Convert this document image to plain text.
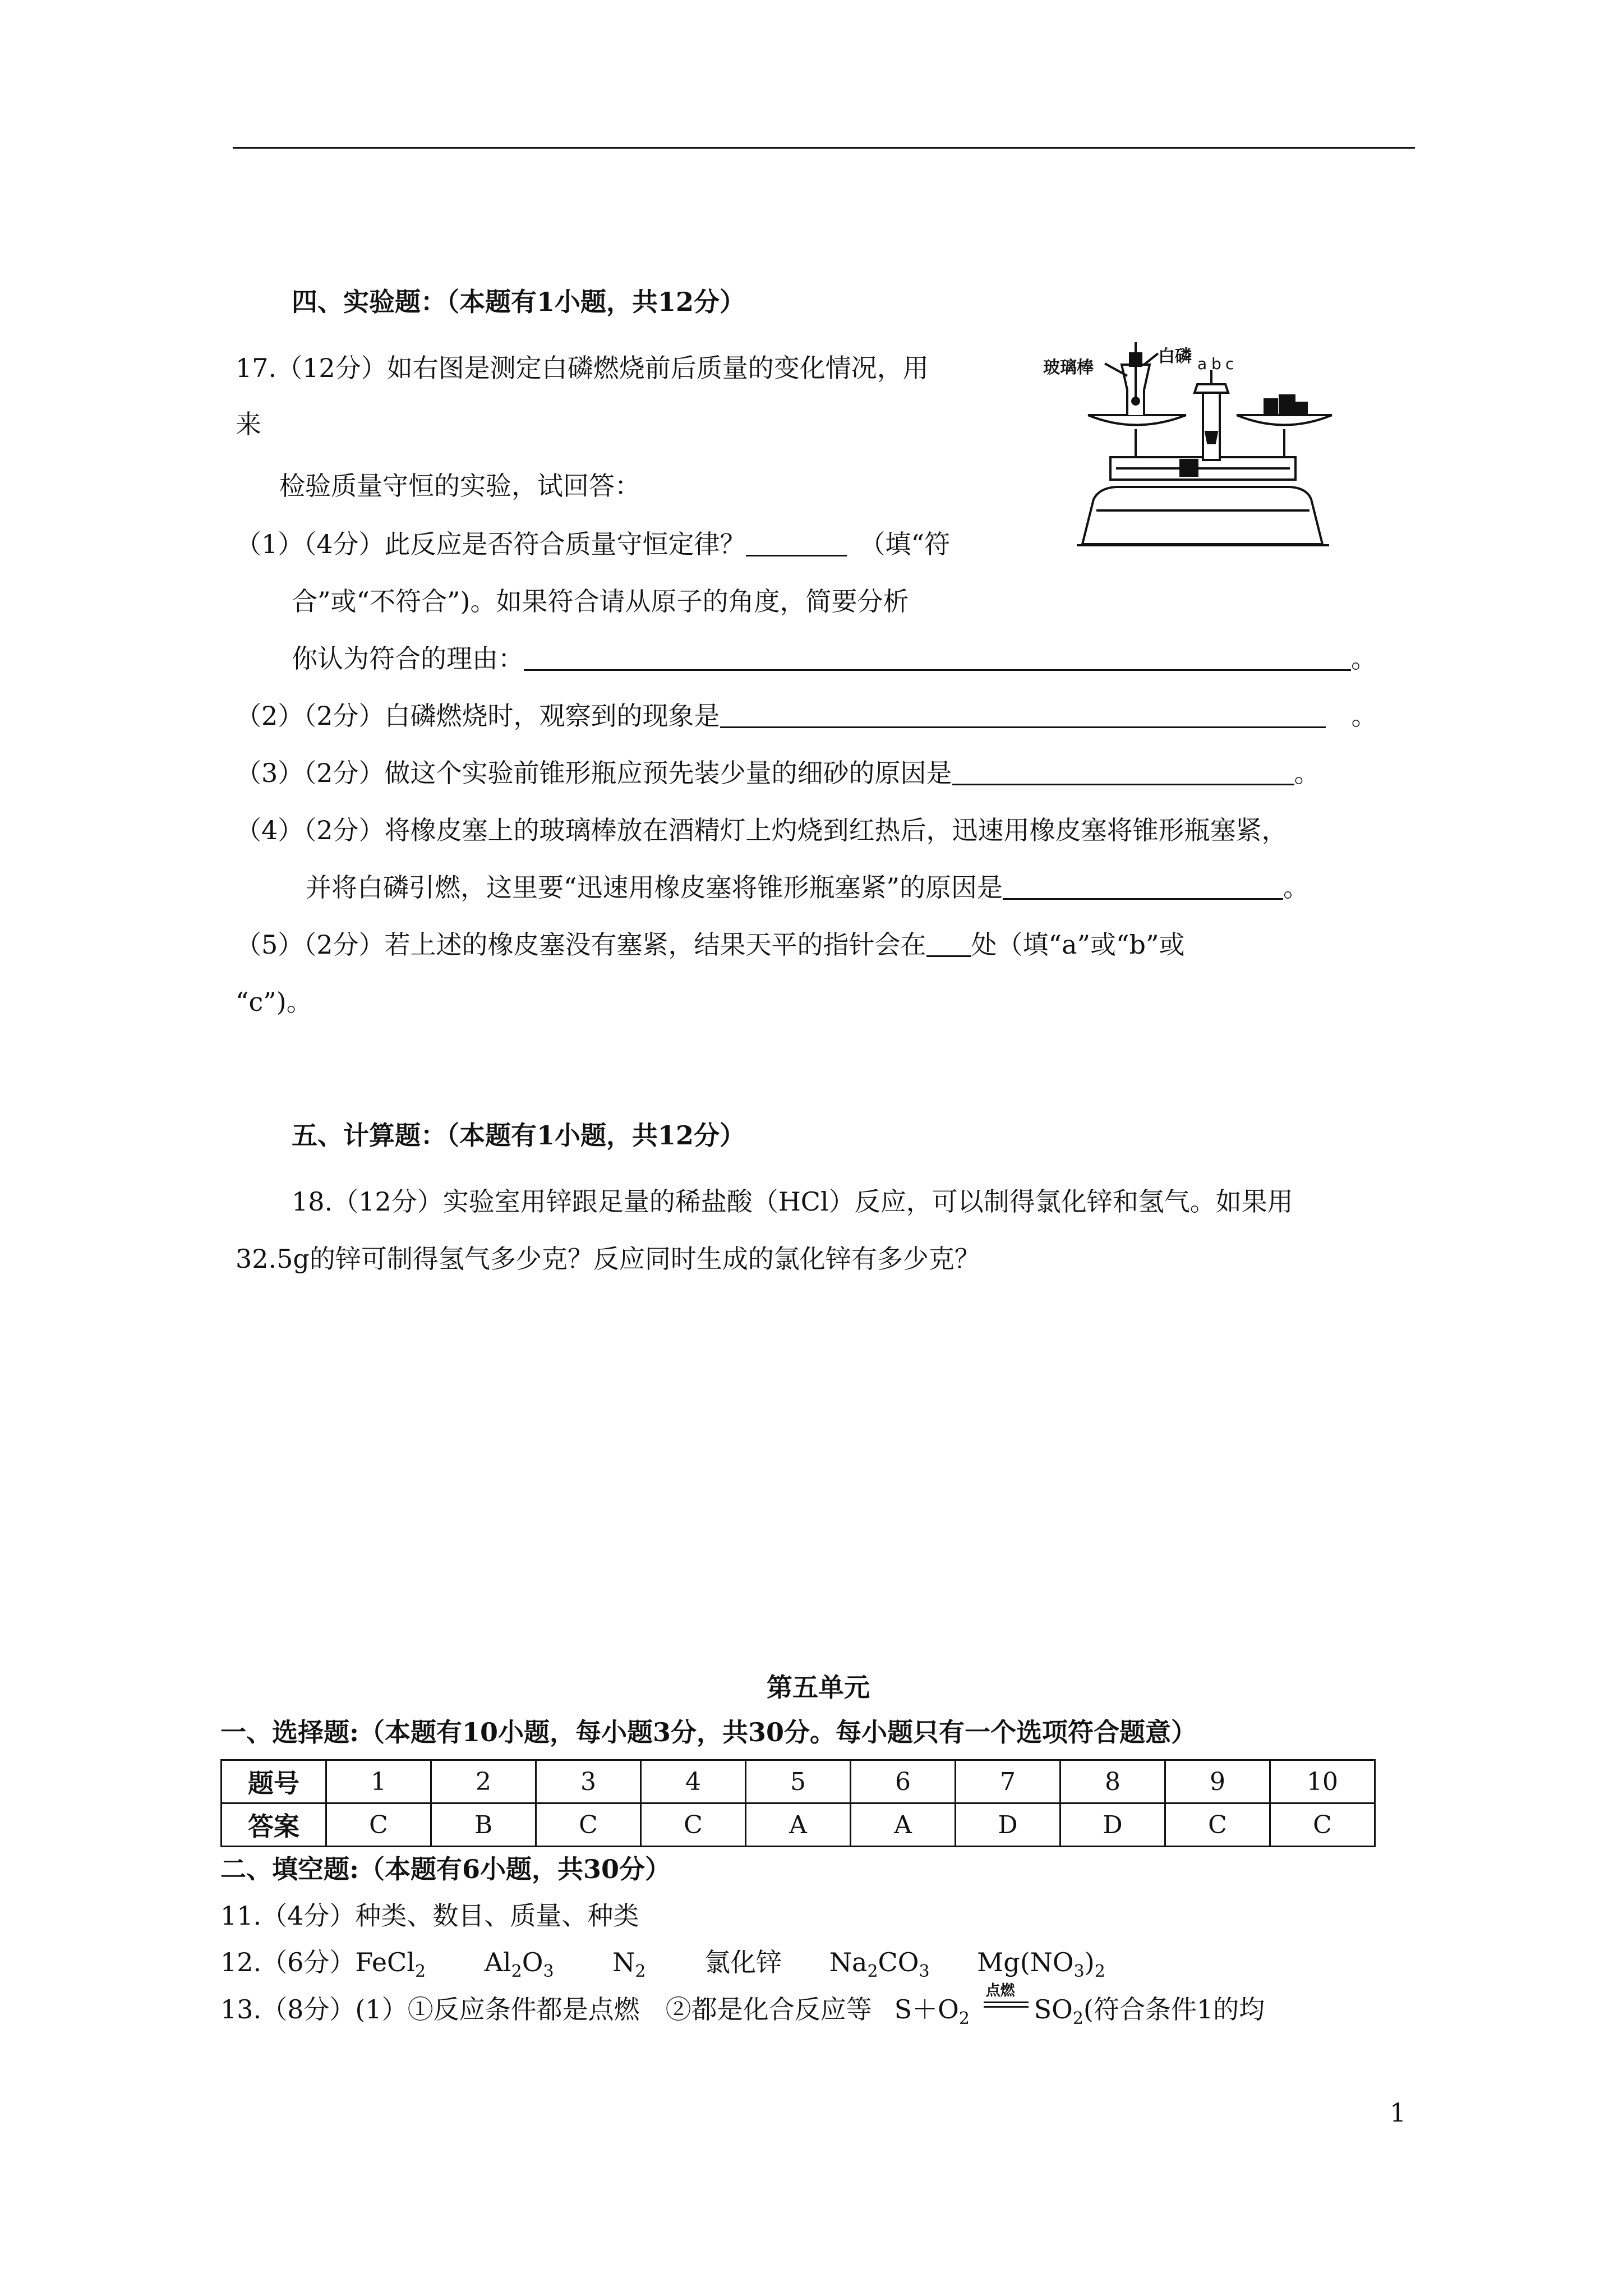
四、实验题：（本题有1小题，共12分）
17.（12分）如右图是测定白磷燃烧前后质量的变化情况，用
来
检验质量守恒的实验，试回答：
玻璃棒
白磷 a b c
（1）（4分）此反应是否符合质量守恒定律？　	（填“符
合”或“不符合”)。如果符合请从原子的角度，简要分析
你认为符合的理由：	。
（2）（2分）白磷燃烧时，观察到的现象是　	。
（3）（2分）做这个实验前锥形瓶应预先装少量的细砂的原因是	。
（4）（2分）将橡皮塞上的玻璃棒放在酒精灯上灼烧到红热后，迅速用橡皮塞将锥形瓶塞紧，
并将白磷引燃，这里要“迅速用橡皮塞将锥形瓶塞紧”的原因是	。
（5）（2分）若上述的橡皮塞没有塞紧，结果天平的指针会在 处（填“a”或“b”或
“c”)。
五、计算题：（本题有1小题，共12分）
18.（12分）实验室用锌跟足量的稀盐酸（HCl）反应，可以制得氯化锌和氢气。如果用
32.5g的锌可制得氢气多少克？反应同时生成的氯化锌有多少克？
第五单元
一、选择题:（本题有10小题，每小题3分，共30分。每小题只有一个选项符合题意）
题号	1	2	3	4	5	6	7	8	9	10
答案	C	B	C	C	A	A	D	D	C	C
二、填空题:（本题有6小题，共30分）
11.（4分）种类、数目、质量、种类
12.（6分）FeCl$_2$ $Al_2O_3$ $N_2$ 氯化锌 $Na_2CO_3$ $Mg(NO_3)_2$
13.（8分）(1）①反应条件都是点燃　②都是化合反应等 $S+O_2$
点燃
$SO_2$(符合条件1的均
1
